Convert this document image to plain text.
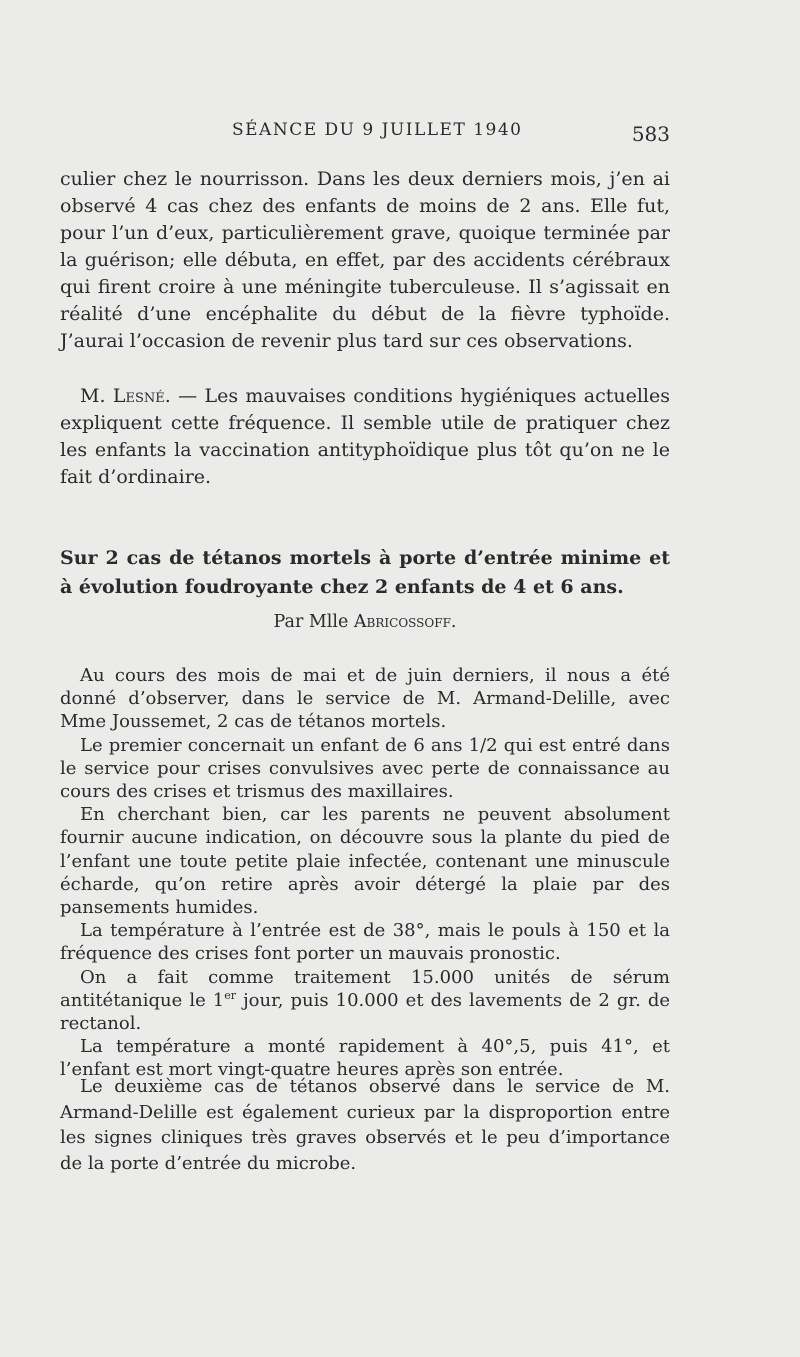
SÉANCE DU 9 JUILLET 1940	583

culier chez le nourrisson. Dans les deux derniers mois, j’en ai observé 4 cas chez des enfants de moins de 2 ans. Elle fut, pour l’un d’eux, particulièrement grave, quoique terminée par la guérison; elle débuta, en effet, par des accidents cérébraux qui firent croire à une méningite tuberculeuse. Il s’agissait en réalité d’une encéphalite du début de la fièvre typhoïde. J’aurai l’occasion de revenir plus tard sur ces observations.

M. Lesné. — Les mauvaises conditions hygiéniques actuelles expliquent cette fréquence. Il semble utile de pratiquer chez les enfants la vaccination antityphoïdique plus tôt qu’on ne le fait d’ordinaire.

Sur 2 cas de tétanos mortels à porte d’entrée minime et à évolution foudroyante chez 2 enfants de 4 et 6 ans.
Par Mlle Abricossoff.

Au cours des mois de mai et de juin derniers, il nous a été donné d’observer, dans le service de M. Armand-Delille, avec Mme Joussemet, 2 cas de tétanos mortels.

Le premier concernait un enfant de 6 ans 1/2 qui est entré dans le service pour crises convulsives avec perte de connaissance au cours des crises et trismus des maxillaires.

En cherchant bien, car les parents ne peuvent absolument fournir aucune indication, on découvre sous la plante du pied de l’enfant une toute petite plaie infectée, contenant une minuscule écharde, qu’on retire après avoir détergé la plaie par des pansements humides.

La température à l’entrée est de 38°, mais le pouls à 150 et la fréquence des crises font porter un mauvais pronostic.

On a fait comme traitement 15.000 unités de sérum antitétanique le 1er jour, puis 10.000 et des lavements de 2 gr. de rectanol.

La température a monté rapidement à 40°,5, puis 41°, et l’enfant est mort vingt-quatre heures après son entrée.

Le deuxième cas de tétanos observé dans le service de M. Armand-Delille est également curieux par la disproportion entre les signes cliniques très graves observés et le peu d’importance de la porte d’entrée du microbe.
